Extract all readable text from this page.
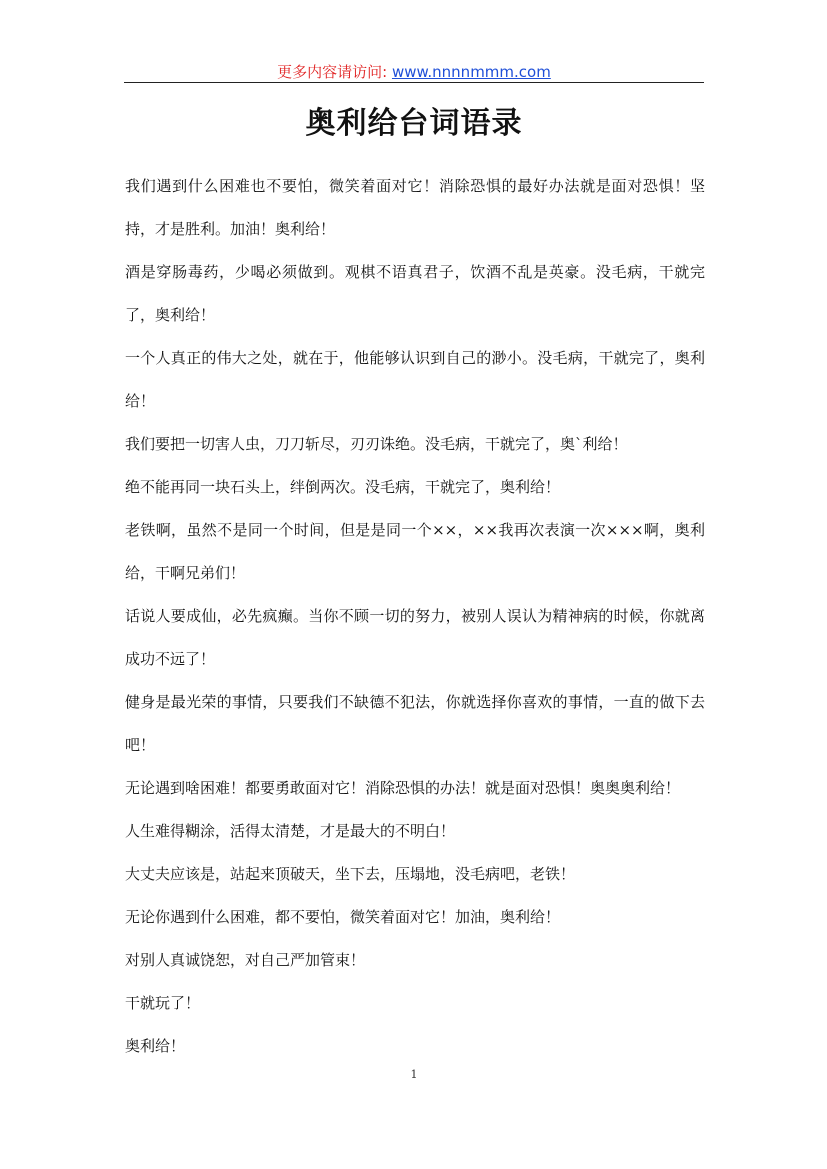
更多内容请访问: www.nnnnmmm.com
奥利给台词语录

我们遇到什么困难也不要怕，微笑着面对它！消除恐惧的最好办法就是面对恐惧！坚持，才是胜利。加油！奥利给！

酒是穿肠毒药，少喝必须做到。观棋不语真君子，饮酒不乱是英豪。没毛病，干就完了，奥利给！

一个人真正的伟大之处，就在于，他能够认识到自己的渺小。没毛病，干就完了，奥利给！

我们要把一切害人虫，刀刀斩尽，刃刃诛绝。没毛病，干就完了，奥`利给！

绝不能再同一块石头上，绊倒两次。没毛病，干就完了，奥利给！

老铁啊，虽然不是同一个时间，但是是同一个××，××我再次表演一次×××啊，奥利给，干啊兄弟们！

话说人要成仙，必先疯癫。当你不顾一切的努力，被别人误认为精神病的时候，你就离成功不远了！

健身是最光荣的事情，只要我们不缺德不犯法，你就选择你喜欢的事情，一直的做下去吧！

无论遇到啥困难！都要勇敢面对它！消除恐惧的办法！就是面对恐惧！奥奥奥利给！

人生难得糊涂，活得太清楚，才是最大的不明白！

大丈夫应该是，站起来顶破天，坐下去，压塌地，没毛病吧，老铁！

无论你遇到什么困难，都不要怕，微笑着面对它！加油，奥利给！

对别人真诚饶恕，对自己严加管束！

干就玩了！

奥利给！

1
